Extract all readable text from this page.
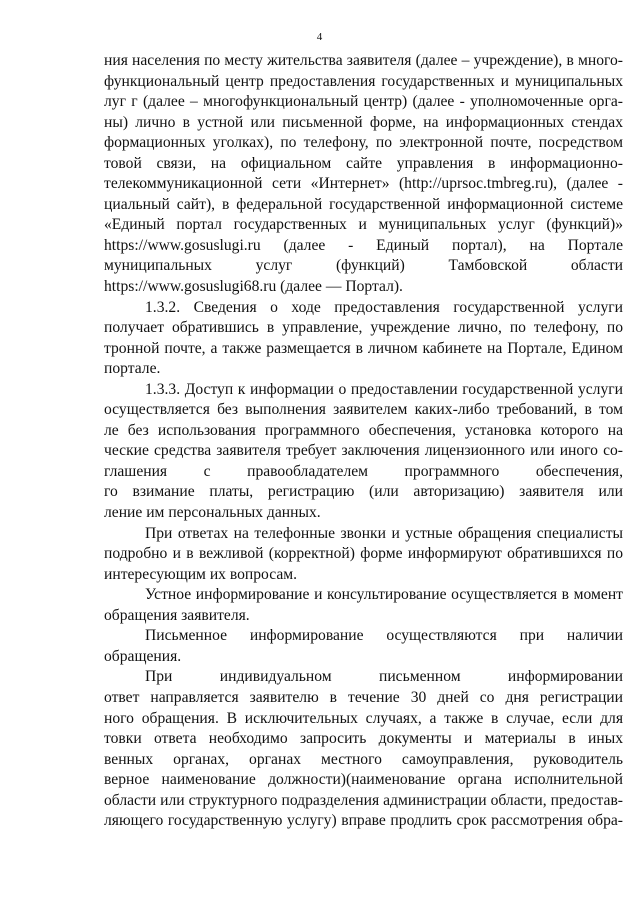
4
ния населения по месту жительства заявителя (далее – учреждение), в много-
функциональный центр предоставления государственных и муниципальных
луг г (далее – многофункциональный центр) (далее - уполномоченные орга-
ны) лично в устной или письменной форме, на информационных стендах
формационных уголках), по телефону, по электронной почте, посредством
товой связи, на официальном сайте управления в информационно-
телекоммуникационной сети «Интернет» (http://uprsoc.tmbreg.ru), (далее -
циальный сайт), в федеральной государственной информационной системе
«Единый портал государственных и муниципальных услуг (функций)»
https://www.gosuslugi.ru (далее - Единый портал), на Портале
муниципальных услуг (функций) Тамбовской области
https://www.gosuslugi68.ru (далее — Портал).
1.3.2. Сведения о ходе предоставления государственной услуги
получает обратившись в управление, учреждение лично, по телефону, по
тронной почте, а также размещается в личном кабинете на Портале, Едином
портале.
1.3.3. Доступ к информации о предоставлении государственной услуги
осуществляется без выполнения заявителем каких-либо требований, в том
ле без использования программного обеспечения, установка которого на
ческие средства заявителя требует заключения лицензионного или иного со-
глашения с правообладателем программного обеспечения,
го взимание платы, регистрацию (или авторизацию) заявителя или
ление им персональных данных.
При ответах на телефонные звонки и устные обращения специалисты
подробно и в вежливой (корректной) форме информируют обратившихся по
интересующим их вопросам.
Устное информирование и консультирование осуществляется в момент
обращения заявителя.
Письменное информирование осуществляются при наличии
обращения.
При индивидуальном письменном информировании
ответ направляется заявителю в течение 30 дней со дня регистрации
ного обращения. В исключительных случаях, а также в случае, если для
товки ответа необходимо запросить документы и материалы в иных
венных органах, органах местного самоуправления, руководитель
верное наименование должности)(наименование органа исполнительной
области или структурного подразделения администрации области, предостав-
ляющего государственную услугу) вправе продлить срок рассмотрения обра-
